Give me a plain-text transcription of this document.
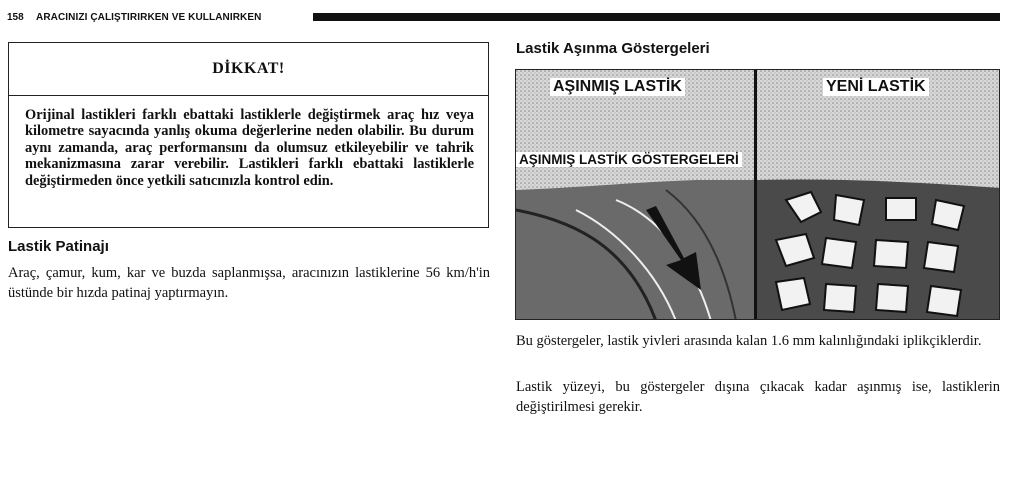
158 ARACINIZI ÇALIŞTIRIRKEN VE KULLANIRKEN
DİKKAT!
Orijinal lastikleri farklı ebattaki lastiklerle değiştirmek araç hız veya kilometre sayacında yanlış okuma değerlerine neden olabilir. Bu durum aynı zamanda, araç performansını da olumsuz etkileyebilir ve tahrik mekanizmasına zarar verebilir. Lastikleri farklı ebattaki lastiklerle değiştirmeden önce yetkili satıcınızla kontrol edin.
Lastik Patinajı
Araç, çamur, kum, kar ve buzda saplanmışsa, aracınızın lastiklerine 56 km/h'in üstünde bir hızda patinaj yaptırmayın.
Lastik Aşınma Göstergeleri
AŞINMIŞ LASTİK	YENİ LASTİK
AŞINMIŞ LASTİK GÖSTERGELERİ
Bu göstergeler, lastik yivleri arasında kalan 1.6 mm kalınlığındaki iplikçiklerdir.
Lastik yüzeyi, bu göstergeler dışına çıkacak kadar aşınmış ise, lastiklerin değiştirilmesi gerekir.
